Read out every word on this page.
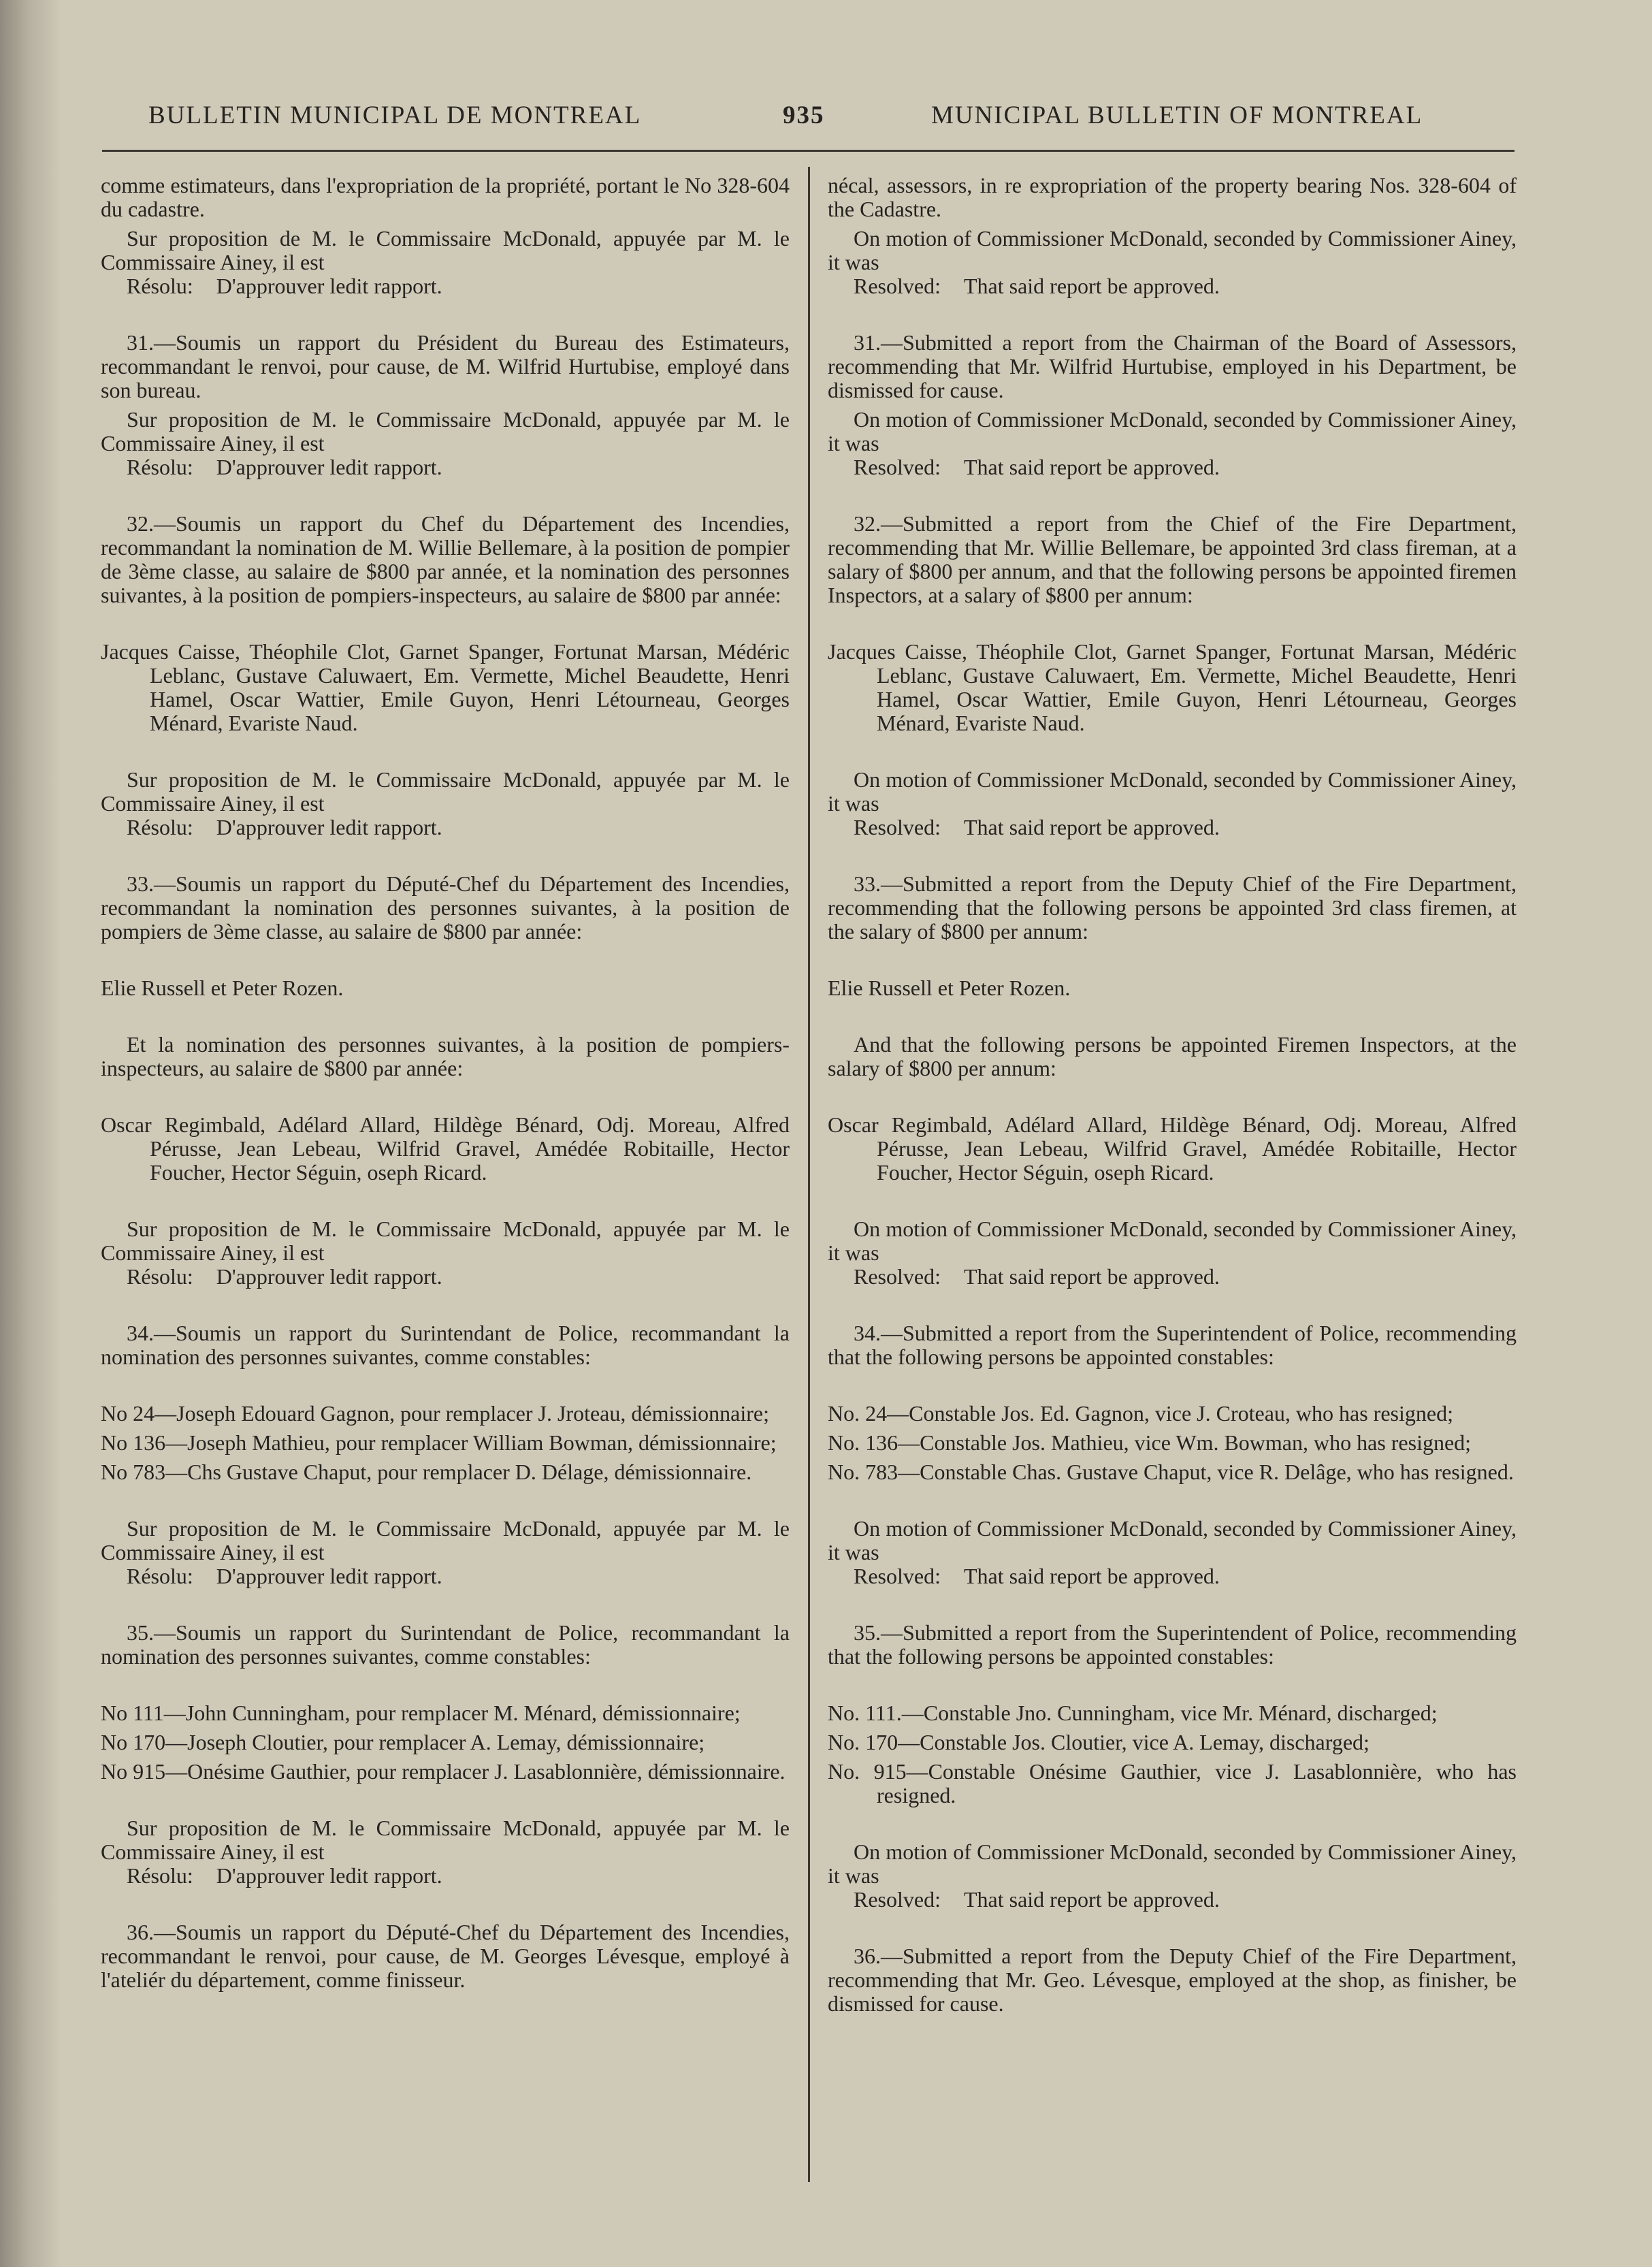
BULLETIN MUNICIPAL DE MONTREAL	935	MUNICIPAL BULLETIN OF MONTREAL

comme estimateurs, dans l'expropriation de la propriété, portant le No 328-604 du cadastre.

Sur proposition de M. le Commissaire McDonald, appuyée par M. le Commissaire Ainey, il est

Résolu: D'approuver ledit rapport.

31.—Soumis un rapport du Président du Bureau des Estimateurs, recommandant le renvoi, pour cause, de M. Wilfrid Hurtubise, employé dans son bureau.

Sur proposition de M. le Commissaire McDonald, appuyée par M. le Commissaire Ainey, il est

Résolu: D'approuver ledit rapport.

32.—Soumis un rapport du Chef du Département des Incendies, recommandant la nomination de M. Willie Bellemare, à la position de pompier de 3ème classe, au salaire de $800 par année, et la nomination des personnes suivantes, à la position de pompiers-inspecteurs, au salaire de $800 par année:

Jacques Caisse, Théophile Clot, Garnet Spanger, Fortunat Marsan, Médéric Leblanc, Gustave Caluwaert, Em. Vermette, Michel Beaudette, Henri Hamel, Oscar Wattier, Emile Guyon, Henri Létourneau, Georges Ménard, Evariste Naud.

Sur proposition de M. le Commissaire McDonald, appuyée par M. le Commissaire Ainey, il est

Résolu: D'approuver ledit rapport.

33.—Soumis un rapport du Député-Chef du Département des Incendies, recommandant la nomination des personnes suivantes, à la position de pompiers de 3ème classe, au salaire de $800 par année:

Elie Russell et Peter Rozen.

Et la nomination des personnes suivantes, à la position de pompiers-inspecteurs, au salaire de $800 par année:

Oscar Regimbald, Adélard Allard, Hildège Bénard, Odj. Moreau, Alfred Pérusse, Jean Lebeau, Wilfrid Gravel, Amédée Robitaille, Hector Foucher, Hector Séguin, oseph Ricard.

Sur proposition de M. le Commissaire McDonald, appuyée par M. le Commissaire Ainey, il est

Résolu: D'approuver ledit rapport.

34.—Soumis un rapport du Surintendant de Police, recommandant la nomination des personnes suivantes, comme constables:

No 24—Joseph Edouard Gagnon, pour remplacer J. Jroteau, démissionnaire;

No 136—Joseph Mathieu, pour remplacer William Bowman, démissionnaire;

No 783—Chs Gustave Chaput, pour remplacer D. Délage, démissionnaire.

Sur proposition de M. le Commissaire McDonald, appuyée par M. le Commissaire Ainey, il est

Résolu: D'approuver ledit rapport.

35.—Soumis un rapport du Surintendant de Police, recommandant la nomination des personnes suivantes, comme constables:

No 111—John Cunningham, pour remplacer M. Ménard, démissionnaire;

No 170—Joseph Cloutier, pour remplacer A. Lemay, démissionnaire;

No 915—Onésime Gauthier, pour remplacer J. Lasablonnière, démissionnaire.

Sur proposition de M. le Commissaire McDonald, appuyée par M. le Commissaire Ainey, il est

Résolu: D'approuver ledit rapport.

36.—Soumis un rapport du Député-Chef du Département des Incendies, recommandant le renvoi, pour cause, de M. Georges Lévesque, employé à l'ateliér du département, comme finisseur.

nécal, assessors, in re expropriation of the property bearing Nos. 328-604 of the Cadastre.

On motion of Commissioner McDonald, seconded by Commissioner Ainey, it was

Resolved: That said report be approved.

31.—Submitted a report from the Chairman of the Board of Assessors, recommending that Mr. Wilfrid Hurtubise, employed in his Department, be dismissed for cause.

On motion of Commissioner McDonald, seconded by Commissioner Ainey, it was

Resolved: That said report be approved.

32.—Submitted a report from the Chief of the Fire Department, recommending that Mr. Willie Bellemare, be appointed 3rd class fireman, at a salary of $800 per annum, and that the following persons be appointed firemen Inspectors, at a salary of $800 per annum:

Jacques Caisse, Théophile Clot, Garnet Spanger, Fortunat Marsan, Médéric Leblanc, Gustave Caluwaert, Em. Vermette, Michel Beaudette, Henri Hamel, Oscar Wattier, Emile Guyon, Henri Létourneau, Georges Ménard, Evariste Naud.

On motion of Commissioner McDonald, seconded by Commissioner Ainey, it was

Resolved: That said report be approved.

33.—Submitted a report from the Deputy Chief of the Fire Department, recommending that the following persons be appointed 3rd class firemen, at the salary of $800 per annum:

Elie Russell et Peter Rozen.

And that the following persons be appointed Firemen Inspectors, at the salary of $800 per annum:

Oscar Regimbald, Adélard Allard, Hildège Bénard, Odj. Moreau, Alfred Pérusse, Jean Lebeau, Wilfrid Gravel, Amédée Robitaille, Hector Foucher, Hector Séguin, oseph Ricard.

On motion of Commissioner McDonald, seconded by Commissioner Ainey, it was

Resolved: That said report be approved.

34.—Submitted a report from the Superintendent of Police, recommending that the following persons be appointed constables:

No. 24—Constable Jos. Ed. Gagnon, vice J. Croteau, who has resigned;

No. 136—Constable Jos. Mathieu, vice Wm. Bowman, who has resigned;

No. 783—Constable Chas. Gustave Chaput, vice R. Delâge, who has resigned.

On motion of Commissioner McDonald, seconded by Commissioner Ainey, it was

Resolved: That said report be approved.

35.—Submitted a report from the Superintendent of Police, recommending that the following persons be appointed constables:

No. 111.—Constable Jno. Cunningham, vice Mr. Ménard, discharged;

No. 170—Constable Jos. Cloutier, vice A. Lemay, discharged;

No. 915—Constable Onésime Gauthier, vice J. Lasablonnière, who has resigned.

On motion of Commissioner McDonald, seconded by Commissioner Ainey, it was

Resolved: That said report be approved.

36.—Submitted a report from the Deputy Chief of the Fire Department, recommending that Mr. Geo. Lévesque, employed at the shop, as finisher, be dismissed for cause.
